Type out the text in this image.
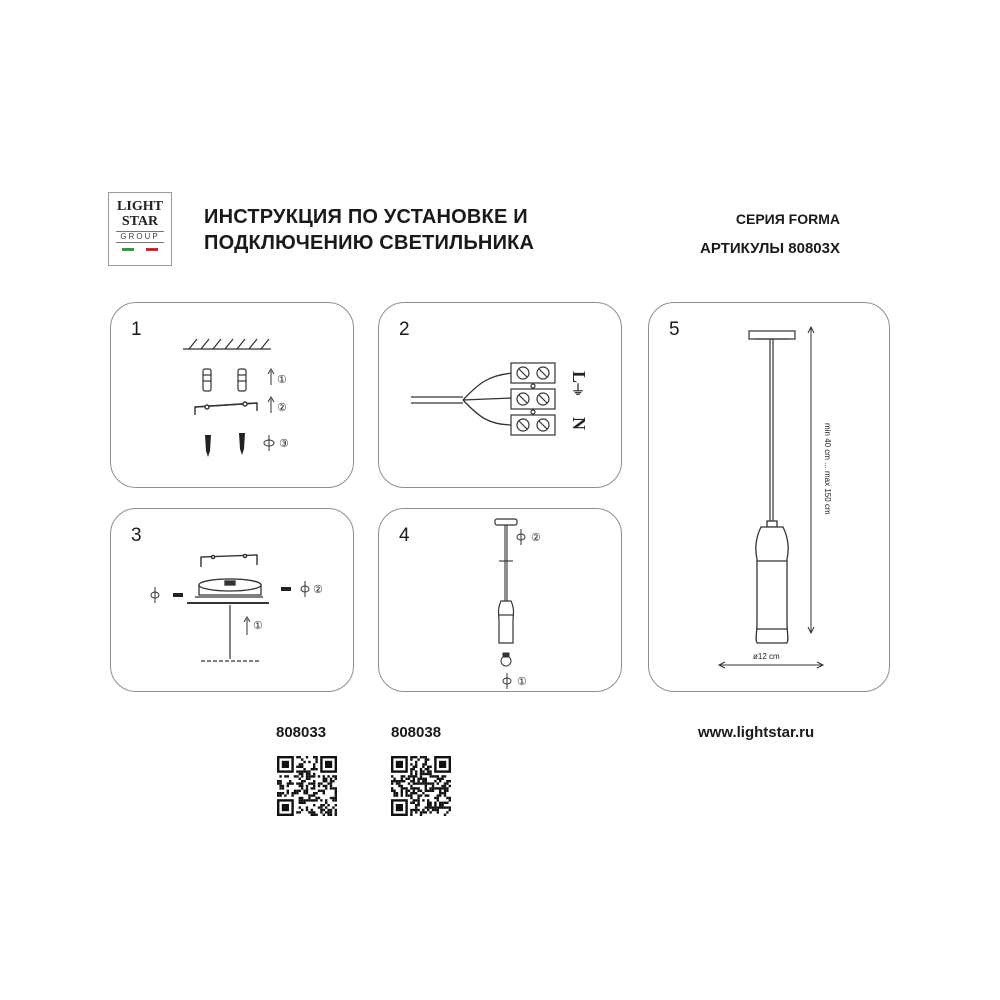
LIGHT
STAR
GROUP
ИНСТРУКЦИЯ ПО УСТАНОВКЕ И
ПОДКЛЮЧЕНИЮ СВЕТИЛЬНИКА
СЕРИЯ FORMA
АРТИКУЛЫ 80803X
1
①
②
③
2
L
⏚
N
5
min 40 cm ... max 150 cm
ø12 cm
3
②
①
4	②
①
808033	808038	www.lightstar.ru
